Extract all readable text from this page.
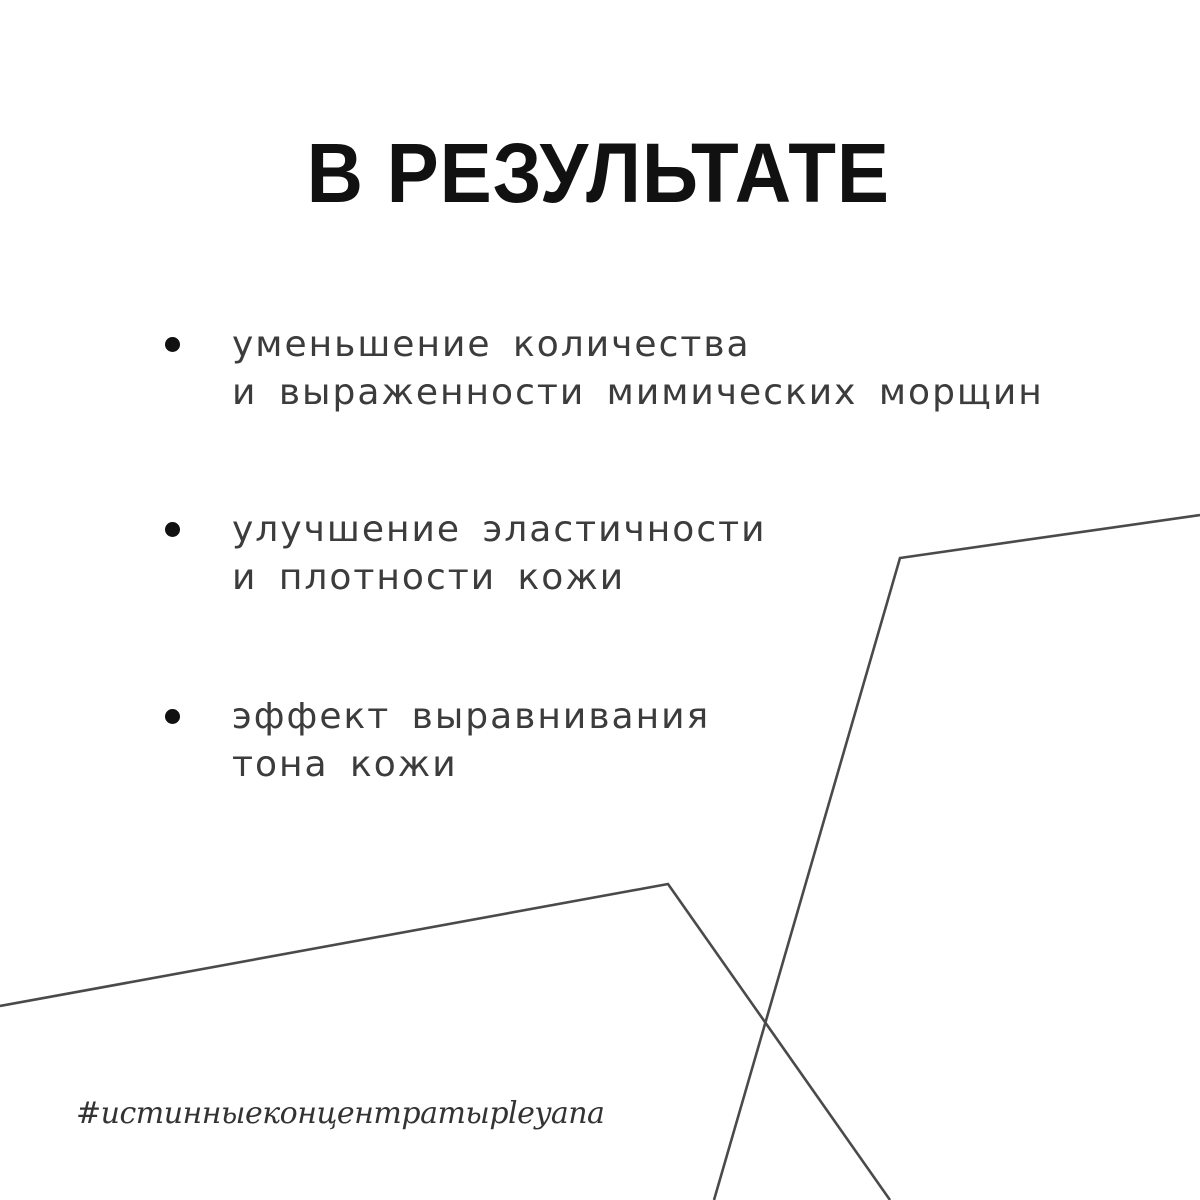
В РЕЗУЛЬТАТЕ
уменьшение количества
и выраженности мимических морщин
улучшение эластичности
и плотности кожи
эффект выравнивания
тона кожи
#истинныеконцентратыpleyana
